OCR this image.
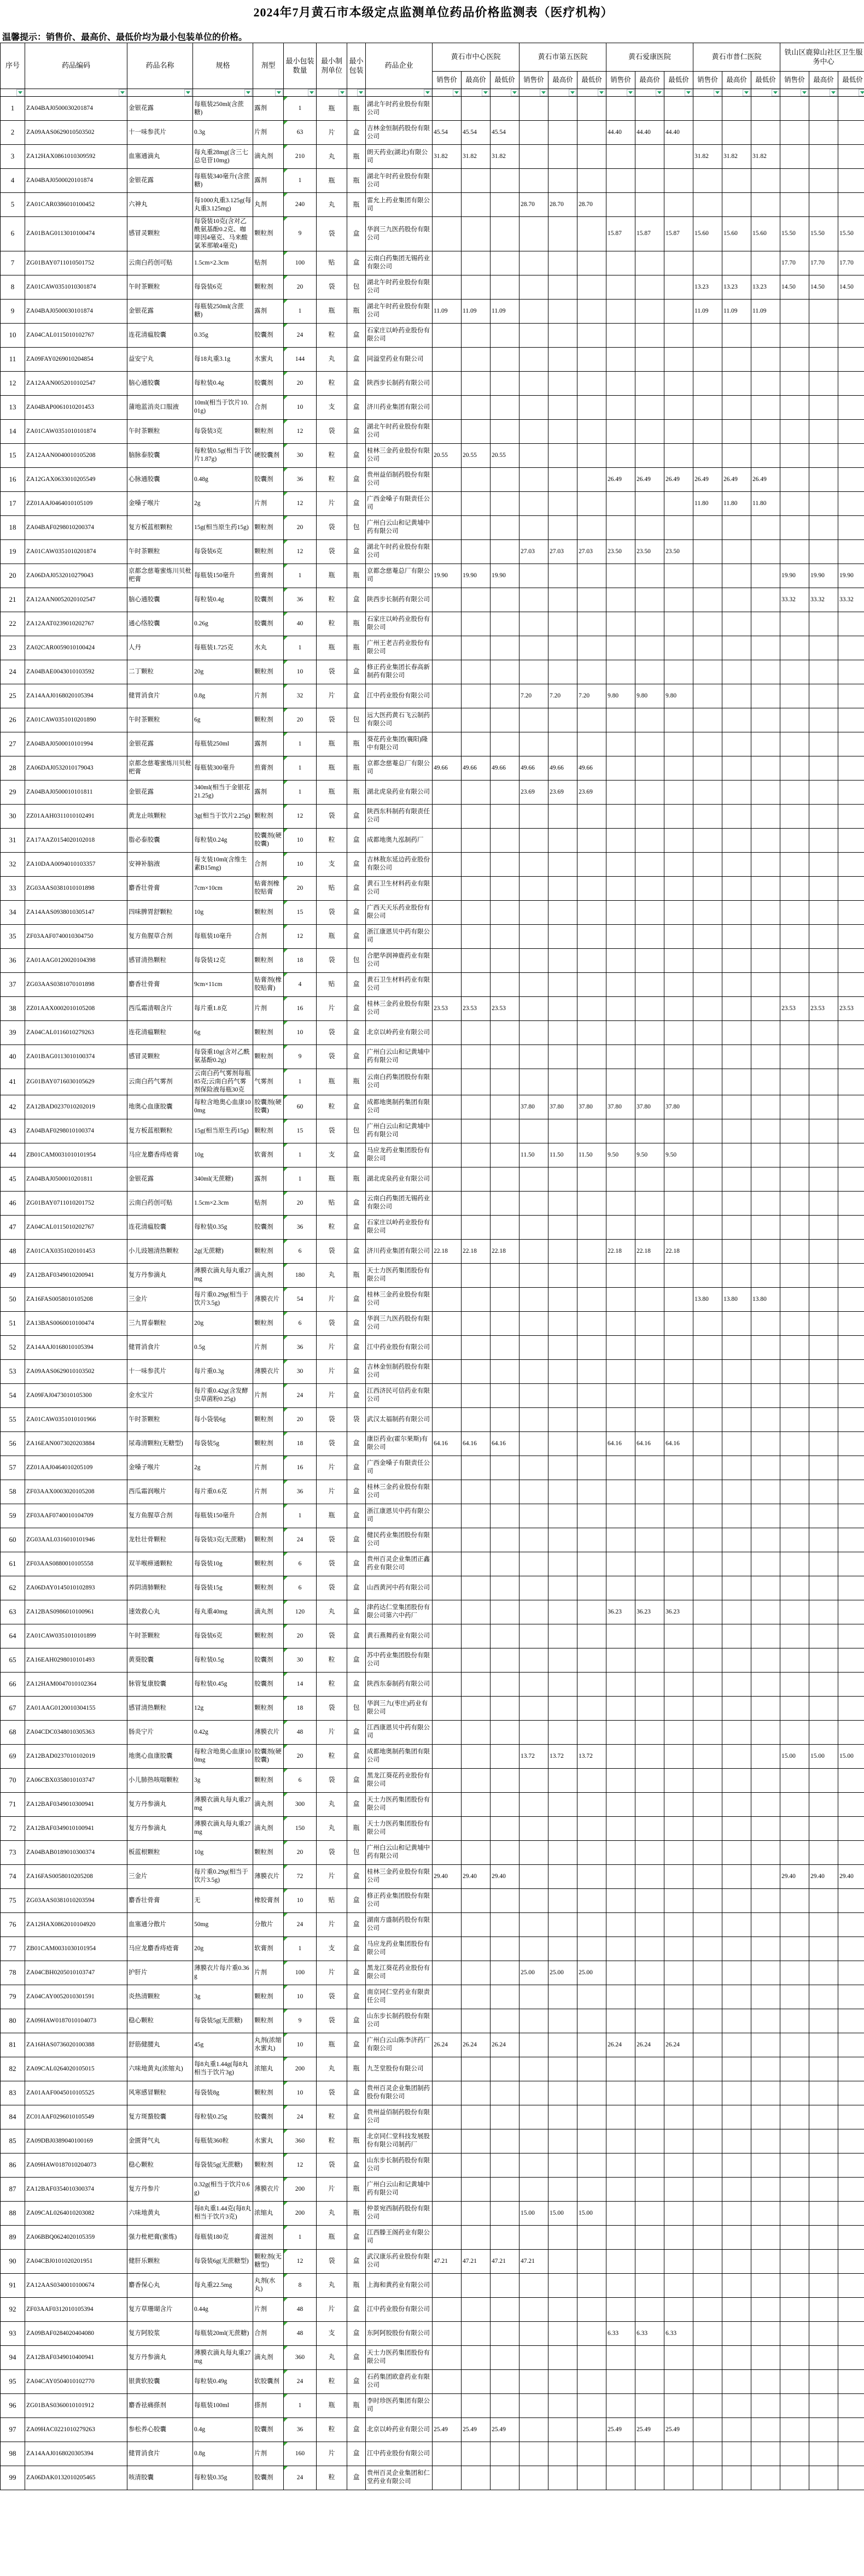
2024年7月黄石市本级定点监测单位药品价格监测表（医疗机构）
温馨提示：销售价、最高价、最低价均为最小包装单位的价格。
序号	药品编码	药品名称	规格	剂型	最小包装数量	最小制剂单位	最小包装	药品企业	黄石市中心医院			黄石市第五医院			黄石爱康医院			黄石市普仁医院			铁山区鹿獐山社区卫生服务中心		
									销售价	最高价	最低价	销售价	最高价	最低价	销售价	最高价	最低价	销售价	最高价	最低价	销售价	最高价	最低价

1	ZA04BAJ0500030201874	金银花露	每瓶装250ml(含蔗糖)	露剂	1	瓶	瓶	湖北午时药业股份有限公司															
2	ZA09AAS0629010503502	十一味参芪片	0.3g	片剂	63	片	盒	吉林金恒制药股份有限公司	45.54	45.54	45.54				44.40	44.40	44.40						
3	ZA12HAX0861010309592	血塞通滴丸	每丸重28mg(含三七总皂苷10mg)	滴丸剂	210	丸	瓶	朗天药业(湖北)有限公司	31.82	31.82	31.82							31.82	31.82	31.82			
4	ZA04BAJ0500020101874	金银花露	每瓶装340毫升(含蔗糖)	露剂	1	瓶	瓶	湖北午时药业股份有限公司															
5	ZA01CAR0386010100452	六神丸	每1000丸重3.125g(每丸重3.125mg)	丸剂	240	丸	瓶	雷允上药业集团有限公司				28.70	28.70	28.70									
6	ZA01BAG0113010100474	感冒灵颗粒	每袋装10克(含对乙酰氨基酚0.2克、咖啡因4毫克、马来酸氯苯那敏4毫克)	颗粒剂	9	袋	盒	华润三九医药股份有限公司							15.87	15.87	15.87	15.60	15.60	15.60	15.50	15.50	15.50
7	ZG01BAY0711010501752	云南白药创可贴	1.5cm×2.3cm	贴剂	100	贴	盒	云南白药集团无锡药业有限公司													17.70	17.70	17.70
8	ZA01CAW0351010301874	午时茶颗粒	每袋装6克	颗粒剂	20	袋	包	湖北午时药业股份有限公司										13.23	13.23	13.23	14.50	14.50	14.50
9	ZA04BAJ0500030101874	金银花露	每瓶装250ml(含蔗糖)	露剂	1	瓶	瓶	湖北午时药业股份有限公司	11.09	11.09	11.09							11.09	11.09	11.09			
10	ZA04CAL0115010102767	连花清瘟胶囊	0.35g	胶囊剂	24	粒	盒	石家庄以岭药业股份有限公司															
11	ZA09FAY0269010204854	益安宁丸	每18丸重3.1g	水蜜丸	144	丸	盒	同溢堂药业有限公司															
12	ZA12AAN0052010102547	脑心通胶囊	每粒装0.4g	胶囊剂	20	粒	盒	陕西步长制药有限公司															
13	ZA04BAP0061010201453	蒲地蓝消炎口服液	10ml(相当于饮片10.01g)	合剂	10	支	盒	济川药业集团有限公司															
14	ZA01CAW0351010101874	午时茶颗粒	每袋装3克	颗粒剂	12	袋	盒	湖北午时药业股份有限公司															
15	ZA12AAN0040010105208	脑脉泰胶囊	每粒装0.5g(相当于饮片1.87g)	硬胶囊剂	30	粒	盒	桂林三金药业股份有限公司	20.55	20.55	20.55												
16	ZA12GAX0633010205549	心脉通胶囊	0.48g	胶囊剂	36	粒	盒	贵州益佰制药股份有限公司							26.49	26.49	26.49	26.49	26.49	26.49			
17	ZZ01AAJ0464010105109	金嗓子喉片	2g	片剂	12	片	盒	广西金嗓子有限责任公司										11.80	11.80	11.80			
18	ZA04BAF0298010200374	复方板蓝根颗粒	15g(相当原生药15g)	颗粒剂	20	袋	包	广州白云山和记黄埔中药有限公司															
19	ZA01CAW0351010201874	午时茶颗粒	每袋装6克	颗粒剂	12	袋	盒	湖北午时药业股份有限公司				27.03	27.03	27.03	23.50	23.50	23.50						
20	ZA06DAJ0532010279043	京都念慈菴蜜炼川贝枇杷膏	每瓶装150毫升	煎膏剂	1	瓶	瓶	京都念慈菴总厂有限公司	19.90	19.90	19.90										19.90	19.90	19.90
21	ZA12AAN0052020102547	脑心通胶囊	每粒装0.4g	胶囊剂	36	粒	盒	陕西步长制药有限公司													33.32	33.32	33.32
22	ZA12AAT0239010202767	通心络胶囊	0.26g	胶囊剂	40	粒	瓶	石家庄以岭药业股份有限公司															
23	ZA02CAR0059010100424	人丹	每瓶装1.725克	水丸	1	瓶	瓶	广州王老吉药业股份有限公司															
24	ZA04BAE0043010103592	二丁颗粒	20g	颗粒剂	10	袋	盒	修正药业集团长春高新制药有限公司															
25	ZA14AAJ0168020105394	健胃消食片	0.8g	片剂	32	片	盒	江中药业股份有限公司				7.20	7.20	7.20	9.80	9.80	9.80						
26	ZA01CAW0351010201890	午时茶颗粒	6g	颗粒剂	20	袋	包	远大医药黄石飞云制药有限公司															
27	ZA04BAJ0500010101994	金银花露	每瓶装250ml	露剂	1	瓶	瓶	葵花药业集团(襄阳)隆中有限公司															
28	ZA06DAJ0532010179043	京都念慈菴蜜炼川贝枇杷膏	每瓶装300毫升	煎膏剂	1	瓶	瓶	京都念慈菴总厂有限公司	49.66	49.66	49.66	49.66	49.66	49.66									
29	ZA04BAJ0500010101811	金银花露	340ml(相当于金银花21.25g)	露剂	1	瓶	瓶	湖北虎泉药业有限公司				23.69	23.69	23.69									
30	ZZ01AAH0311010102491	黄龙止咳颗粒	3g(相当于饮片2.25g)	颗粒剂	12	袋	盒	陕西东科制药有限责任公司															
31	ZA17AAZ0154020102018	脂必泰胶囊	每粒装0.24g	胶囊剂(硬胶囊)	10	粒	盒	成都地奥九泓制药厂															
32	ZA10DAA0094010103357	安神补脑液	每支装10ml(含维生素B15mg)	合剂	10	支	盒	吉林敖东延边药业股份有限公司															
33	ZG03AAS0381010101898	麝香壮骨膏	7cm×10cm	贴膏剂橡胶贴膏	20	贴	盒	黄石卫生材料药业有限公司															
34	ZA14AAS0938010305147	四味脾胃舒颗粒	10g	颗粒剂	15	袋	盒	广西天天乐药业股份有限公司															
35	ZF03AAF0740010304750	复方鱼腥草合剂	每瓶装10毫升	合剂	12	瓶	盒	浙江康恩贝中药有限公司															
36	ZA01AAG0120020104398	感冒清热颗粒	每袋装12克	颗粒剂	18	袋	包	合肥华润神鹿药业有限公司															
37	ZG03AAS0381070101898	麝香壮骨膏	9cm×11cm	贴膏剂(橡胶贴膏)	4	贴	盒	黄石卫生材料药业有限公司															
38	ZZ01AAX0002010105208	西瓜霜清咽含片	每片重1.8克	片剂	16	片	盒	桂林三金药业股份有限公司	23.53	23.53	23.53										23.53	23.53	23.53
39	ZA04CAL0116010279263	连花清瘟颗粒	6g	颗粒剂	10	袋	盒	北京以岭药业有限公司															
40	ZA01BAG0113010100374	感冒灵颗粒	每袋重10g(含对乙酰氨基酚0.2g)	颗粒剂	9	袋	盒	广州白云山和记黄埔中药有限公司															
41	ZG01BAY0716030105629	云南白药气雾剂	云南白药气雾剂每瓶85克;云南白药气雾剂保险液每瓶30克	气雾剂	1	瓶	瓶	云南白药集团股份有限公司															
42	ZA12BAD0237010202019	地奥心血康胶囊	每粒含地奥心血康100mg	胶囊剂(硬胶囊)	60	粒	盒	成都地奥制药集团有限公司				37.80	37.80	37.80	37.80	37.80	37.80						
43	ZA04BAF0298010100374	复方板蓝根颗粒	15g(相当原生药15g)	颗粒剂	15	袋	包	广州白云山和记黄埔中药有限公司															
44	ZB01CAM0031010101954	马应龙麝香痔疮膏	10g	软膏剂	1	支	盒	马应龙药业集团股份有限公司				11.50	11.50	11.50	9.50	9.50	9.50						
45	ZA04BAJ0500010201811	金银花露	340ml(无蔗糖)	露剂	1	瓶	瓶	湖北虎泉药业有限公司															
46	ZG01BAY0711010201752	云南白药创可贴	1.5cm×2.3cm	贴剂	20	贴	盒	云南白药集团无锡药业有限公司															
47	ZA04CAL0115010202767	连花清瘟胶囊	每粒装0.35g	胶囊剂	36	粒	盒	石家庄以岭药业股份有限公司															
48	ZA01CAX0351020101453	小儿豉翘清热颗粒	2g(无蔗糖)	颗粒剂	6	袋	盒	济川药业集团有限公司	22.18	22.18	22.18				22.18	22.18	22.18						
49	ZA12BAF0349010200941	复方丹参滴丸	薄膜衣滴丸每丸重27mg	滴丸剂	180	丸	瓶	天士力医药集团股份有限公司															
50	ZA16FAS0058010105208	三金片	每片重0.29g(相当于饮片3.5g)	薄膜衣片	54	片	盒	桂林三金药业股份有限公司										13.80	13.80	13.80			
51	ZA13BAS0060010100474	三九胃泰颗粒	20g	颗粒剂	6	袋	盒	华润三九医药股份有限公司															
52	ZA14AAJ0168010105394	健胃消食片	0.5g	片剂	36	片	盒	江中药业股份有限公司															
53	ZA09AAS0629010103502	十一味参芪片	每片重0.3g	薄膜衣片	30	片	盒	吉林金恒制药股份有限公司															
54	ZA09FAJ0473010105300	金水宝片	每片重0.42g(含发酵虫草菌粉0.25g)	片剂	24	片	盒	江西济民可信药业有限公司															
55	ZA01CAW0351010101966	午时茶颗粒	每小袋装6g	颗粒剂	20	袋	袋	武汉太福制药有限公司															
56	ZA16EAN0073020203884	尿毒清颗粒(无糖型)	每袋装5g	颗粒剂	18	袋	盒	康臣药业(霍尔果斯)有限公司	64.16	64.16	64.16				64.16	64.16	64.16						
57	ZZ01AAJ0464010205109	金嗓子喉片	2g	片剂	16	片	盒	广西金嗓子有限责任公司															
58	ZF03AAX0003020105208	西瓜霜润喉片	每片重0.6克	片剂	36	片	盒	桂林三金药业股份有限公司															
59	ZF03AAF0740010104709	复方鱼腥草合剂	每瓶装150毫升	合剂	1	瓶	盒	浙江康恩贝中药有限公司															
60	ZG03AAL0316010101946	龙牡壮骨颗粒	每袋装3克(无蔗糖)	颗粒剂	24	袋	盒	健民药业集团股份有限公司															
61	ZF03AAS0880010105558	双羊喉痹通颗粒	每袋装10g	颗粒剂	6	袋	盒	贵州百灵企业集团正鑫药业有限公司															
62	ZA06DAY0145010102893	养阴清肺颗粒	每袋装15g	颗粒剂	6	袋	盒	山西黄河中药有限公司															
63	ZA12BAS0986010100961	速效救心丸	每丸重40mg	滴丸剂	120	丸	盒	津药达仁堂集团股份有限公司第六中药厂							36.23	36.23	36.23						
64	ZA01CAW0351010101899	午时茶颗粒	每袋装6克	颗粒剂	20	袋	盒	黄石燕舞药业有限公司															
65	ZA16EAH0298010101493	黄葵胶囊	每粒装0.5g	胶囊剂	30	粒	盒	苏中药业集团股份有限公司															
66	ZA12HAM0047010102364	脉管复康胶囊	每粒装0.45g	胶囊剂	14	粒	盒	陕西东泰制药有限公司															
67	ZA01AAG0120010304155	感冒清热颗粒	12g	颗粒剂	18	袋	包	华润三九(枣庄)药业有限公司															
68	ZA04CDC0348010305363	肠炎宁片	0.42g	薄膜衣片	48	片	盒	江西康恩贝中药有限公司															
69	ZA12BAD0237010102019	地奥心血康胶囊	每粒含地奥心血康100mg	胶囊剂(硬胶囊)	20	粒	盒	成都地奥制药集团有限公司				13.72	13.72	13.72							15.00	15.00	15.00
70	ZA06CBX0358010103747	小儿肺热咳喘颗粒	3g	颗粒剂	6	袋	盒	黑龙江葵花药业股份有限公司															
71	ZA12BAF0349010300941	复方丹参滴丸	薄膜衣滴丸每丸重27mg	滴丸剂	300	丸	盒	天士力医药集团股份有限公司															
72	ZA12BAF0349010100941	复方丹参滴丸	薄膜衣滴丸每丸重27mg	滴丸剂	150	丸	瓶	天士力医药集团股份有限公司															
73	ZA04BAB0189010300374	板蓝根颗粒	10g	颗粒剂	20	袋	包	广州白云山和记黄埔中药有限公司															
74	ZA16FAS0058010205208	三金片	每片重0.29g(相当于饮片3.5g)	薄膜衣片	72	片	盒	桂林三金药业股份有限公司	29.40	29.40	29.40										29.40	29.40	29.40
75	ZG03AAS0381010203594	麝香壮骨膏	无	橡胶膏剂	10	贴	盒	修正药业集团股份有限公司															
76	ZA12HAX0862010104920	血塞通分散片	50mg	分散片	24	片	盒	湖南方盛制药股份有限公司															
77	ZB01CAM0031030101954	马应龙麝香痔疮膏	20g	软膏剂	1	支	盒	马应龙药业集团股份有限公司															
78	ZA04CBH0205010103747	护肝片	薄膜衣片每片重0.36g	片剂	100	片	盒	黑龙江葵花药业股份有限公司				25.00	25.00	25.00									
79	ZA04CAY0052010301591	炎热清颗粒	3g	颗粒剂	10	袋	盒	南京同仁堂药业有限责任公司															
80	ZA09HAW0187010104073	稳心颗粒	每袋装5g(无蔗糖)	颗粒剂	9	袋	盒	山东步长制药股份有限公司															
81	ZA16HAS0736020100388	舒筋健腰丸	45g	丸剂(浓缩水蜜丸)	10	瓶	盒	广州白云山陈李济药厂有限公司	26.24	26.24	26.24				26.24	26.24	26.24						
82	ZA09CAL0264020105015	六味地黄丸(浓缩丸)	每8丸重1.44g(每8丸相当于饮片3g)	浓缩丸	200	丸	瓶	九芝堂股份有限公司															
83	ZA01AAF0045010105525	风寒感冒颗粒	每袋装8g	颗粒剂	10	袋	盒	贵州百灵企业集团制药股份有限公司															
84	ZC01AAF0296010105549	复方斑蝥胶囊	每粒装0.25g	胶囊剂	24	粒	盒	贵州益佰制药股份有限公司															
85	ZA09DBJ0389040100169	金匮肾气丸	每瓶装360粒	水蜜丸	360	粒	瓶	北京同仁堂科技发展股份有限公司制药厂															
86	ZA09HAW0187010204073	稳心颗粒	每袋装5g(无蔗糖)	颗粒剂	12	袋	盒	山东步长制药股份有限公司															
87	ZA12BAF0354010300374	复方丹参片	0.32g(相当于饮片0.6g)	薄膜衣片	200	片	瓶	广州白云山和记黄埔中药有限公司															
88	ZA09CAL0264010203082	六味地黄丸	每8丸重1.44克(每8丸相当于饮片3克)	浓缩丸	200	丸	瓶	仲景宛西制药股份有限公司				15.00	15.00	15.00									
89	ZA06BBQ0624020105359	强力枇杷膏(蜜炼)	每瓶装180克	膏滋剂	1	瓶	盒	江西滕王阁药业有限公司															
90	ZA04CBJ0101020201951	健肝乐颗粒	每袋装6g(无蔗糖型)	颗粒剂(无糖型)	12	袋	盒	武汉康乐药业股份有限公司	47.21	47.21	47.21	47.21											
91	ZA12AAS0340010100674	麝香保心丸	每丸重22.5mg	丸剂(水丸)	8	丸	瓶	上海和黄药业有限公司															
92	ZF03AAF0312010105394	复方草珊瑚含片	0.44g	片剂	48	片	盒	江中药业股份有限公司															
93	ZA09BAF0284020404080	复方阿胶浆	每瓶装20ml(无蔗糖)	合剂	48	支	盒	东阿阿胶股份有限公司							6.33	6.33	6.33						
94	ZA12BAF0349010400941	复方丹参滴丸	薄膜衣滴丸每丸重27mg	滴丸剂	360	丸	盒	天士力医药集团股份有限公司															
95	ZA04CAY0504010102770	银黄软胶囊	每粒装0.49g	软胶囊剂	24	粒	盒	石药集团欧意药业有限公司															
96	ZG01BAS0360010101912	麝香祛痛搽剂	每瓶装100ml	搽剂	1	瓶	瓶	李时珍医药集团有限公司															
97	ZA09HAC0221010279263	参松养心胶囊	0.4g	胶囊剂	36	粒	盒	北京以岭药业有限公司	25.49	25.49	25.49				25.49	25.49	25.49						
98	ZA14AAJ0168020305394	健胃消食片	0.8g	片剂	160	片	盒	江中药业股份有限公司															
99	ZA06DAK0132010205465	咳清胶囊	每粒装0.35g	胶囊剂	24	粒	盒	贵州百灵企业集团和仁堂药业有限公司															
